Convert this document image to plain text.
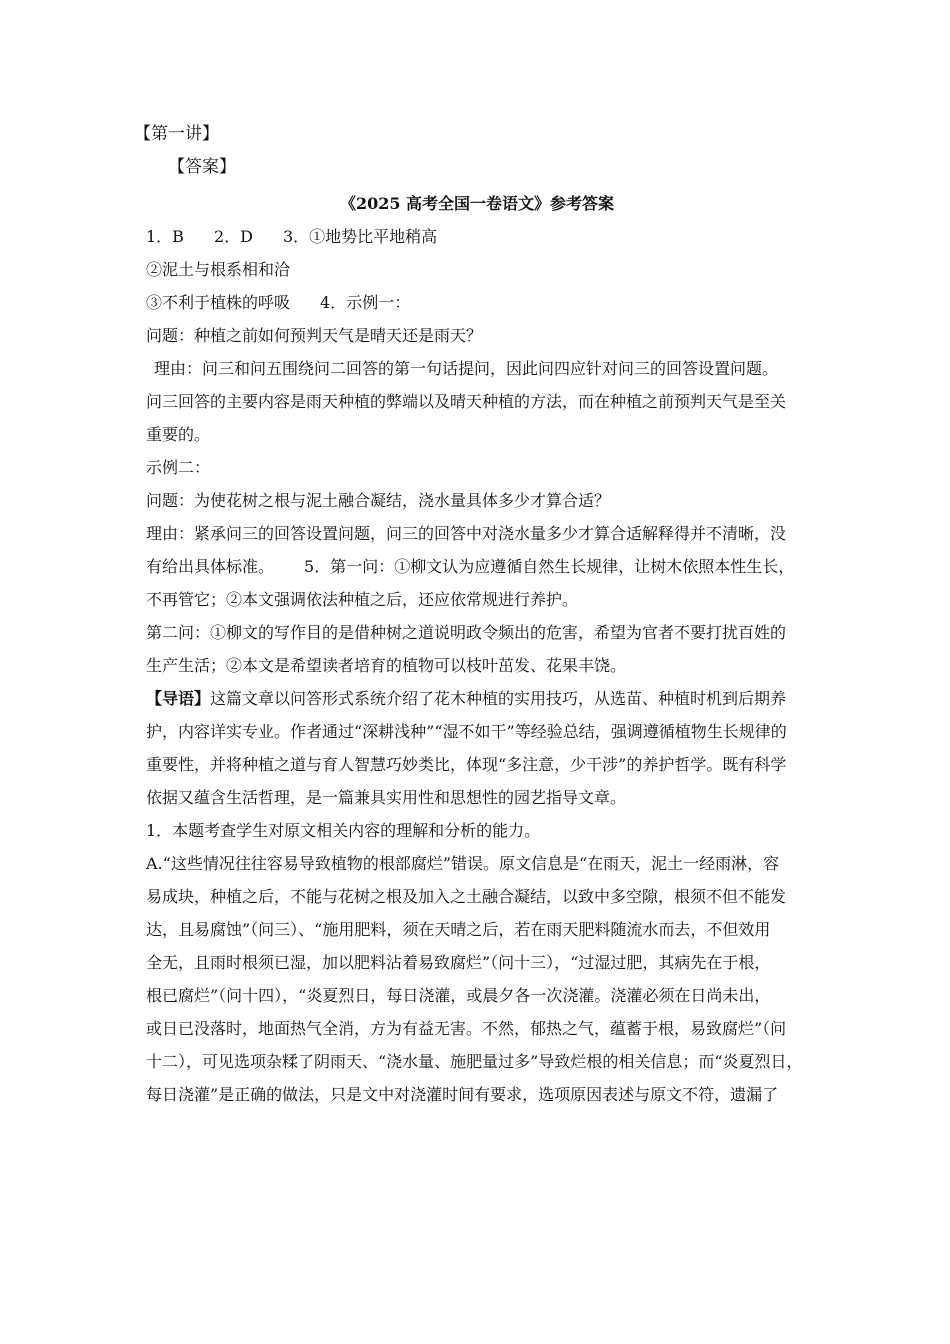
【第一讲】
【答案】
《2025 高考全国一卷语文》参考答案
1．B 2．D 3．①地势比平地稍高
②泥土与根系相和洽
③不利于植株的呼吸 4．示例一：
问题：种植之前如何预判天气是晴天还是雨天？
理由：问三和问五围绕问二回答的第一句话提问，因此问四应针对问三的回答设置问题。
问三回答的主要内容是雨天种植的弊端以及晴天种植的方法，而在种植之前预判天气是至关
重要的。
示例二：
问题：为使花树之根与泥土融合凝结，浇水量具体多少才算合适？
理由：紧承问三的回答设置问题，问三的回答中对浇水量多少才算合适解释得并不清晰，没
有给出具体标准。 5．第一问：①柳文认为应遵循自然生长规律，让树木依照本性生长，
不再管它；②本文强调依法种植之后，还应依常规进行养护。
第二问：①柳文的写作目的是借种树之道说明政令频出的危害，希望为官者不要打扰百姓的
生产生活；②本文是希望读者培育的植物可以枝叶茁发、花果丰饶。
【导语】这篇文章以问答形式系统介绍了花木种植的实用技巧，从选苗、种植时机到后期养
护，内容详实专业。作者通过“深耕浅种”“湿不如干”等经验总结，强调遵循植物生长规律的
重要性，并将种植之道与育人智慧巧妙类比，体现“多注意，少干涉”的养护哲学。既有科学
依据又蕴含生活哲理，是一篇兼具实用性和思想性的园艺指导文章。
1．本题考查学生对原文相关内容的理解和分析的能力。
A.“这些情况往往容易导致植物的根部腐烂”错误。原文信息是“在雨天，泥土一经雨淋，容
易成块，种植之后，不能与花树之根及加入之土融合凝结，以致中多空隙，根须不但不能发
达，且易腐蚀”（问三）、“施用肥料，须在天晴之后，若在雨天肥料随流水而去，不但效用
全无，且雨时根须已湿，加以肥料沾着易致腐烂”（问十三），“过湿过肥，其病先在于根，
根已腐烂”（问十四），“炎夏烈日，每日浇灌，或晨夕各一次浇灌。浇灌必须在日尚未出，
或日已没落时，地面热气全消，方为有益无害。不然，郁热之气，蕴蓄于根，易致腐烂”（问
十二），可见选项杂糅了阴雨天、“浇水量、施肥量过多”导致烂根的相关信息；而“炎夏烈日，
每日浇灌”是正确的做法，只是文中对浇灌时间有要求，选项原因表述与原文不符，遗漏了
